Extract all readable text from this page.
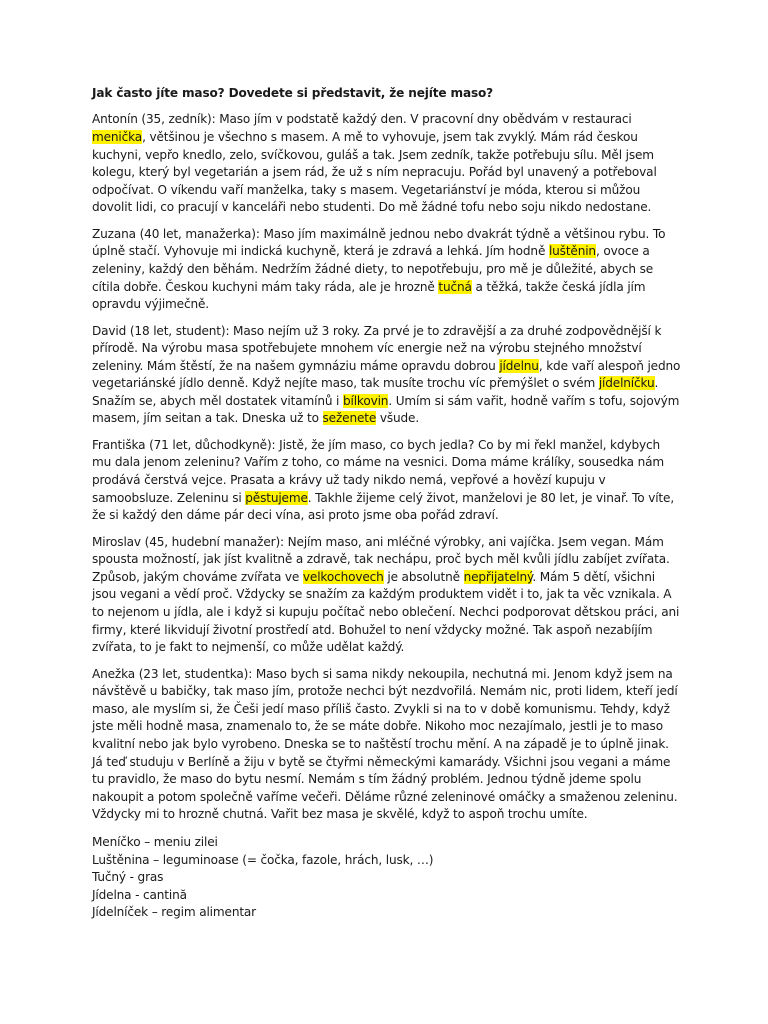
Jak často jíte maso? Dovedete si představit, že nejíte maso?

Antonín (35, zedník): Maso jím v podstatě každý den. V pracovní dny obědvám v restauraci menička, většinou je všechno s masem. A mě to vyhovuje, jsem tak zvyklý. Mám rád českou kuchyni, vepřo knedlo, zelo, svíčkovou, guláš a tak. Jsem zedník, takže potřebuju sílu. Měl jsem kolegu, který byl vegetarián a jsem rád, že už s ním nepracuju. Pořád byl unavený a potřeboval odpočívat. O víkendu vaří manželka, taky s masem. Vegetariánství je móda, kterou si můžou dovolit lidi, co pracují v kanceláři nebo studenti. Do mě žádné tofu nebo soju nikdo nedostane.

Zuzana (40 let, manažerka): Maso jím maximálně jednou nebo dvakrát týdně a většinou rybu. To úplně stačí. Vyhovuje mi indická kuchyně, která je zdravá a lehká. Jím hodně luštěnin, ovoce a zeleniny, každý den běhám. Nedržím žádné diety, to nepotřebuju, pro mě je důležité, abych se cítila dobře. Českou kuchyni mám taky ráda, ale je hrozně tučná a těžká, takže česká jídla jím opravdu výjimečně.

David (18 let, student): Maso nejím už 3 roky. Za prvé je to zdravější a za druhé zodpovědnější k přírodě. Na výrobu masa spotřebujete mnohem víc energie než na výrobu stejného množství zeleniny. Mám štěstí, že na našem gymnáziu máme opravdu dobrou jídelnu, kde vaří alespoň jedno vegetariánské jídlo denně. Když nejíte maso, tak musíte trochu víc přemýšlet o svém jídelníčku. Snažím se, abych měl dostatek vitamínů i bílkovin. Umím si sám vařit, hodně vařím s tofu, sojovým masem, jím seitan a tak. Dneska už to seženete všude.

Františka (71 let, důchodkyně): Jistě, že jím maso, co bych jedla? Co by mi řekl manžel, kdybych mu dala jenom zeleninu? Vařím z toho, co máme na vesnici. Doma máme králíky, sousedka nám prodává čerstvá vejce. Prasata a krávy už tady nikdo nemá, vepřové a hovězí kupuju v samoobsluze. Zeleninu si pěstujeme. Takhle žijeme celý život, manželovi je 80 let, je vinař. To víte, že si každý den dáme pár deci vína, asi proto jsme oba pořád zdraví.

Miroslav (45, hudební manažer): Nejím maso, ani mléčné výrobky, ani vajíčka. Jsem vegan. Mám spousta možností, jak jíst kvalitně a zdravě, tak nechápu, proč bych měl kvůli jídlu zabíjet zvířata. Způsob, jakým chováme zvířata ve velkochovech je absolutně nepřijatelný. Mám 5 dětí, všichni jsou vegani a vědí proč. Vždycky se snažím za každým produktem vidět i to, jak ta věc vznikala. A to nejenom u jídla, ale i když si kupuju počítač nebo oblečení. Nechci podporovat dětskou práci, ani firmy, které likvidují životní prostředí atd. Bohužel to není vždycky možné. Tak aspoň nezabíjím zvířata, to je fakt to nejmenší, co může udělat každý.

Anežka (23 let, studentka): Maso bych si sama nikdy nekoupila, nechutná mi. Jenom když jsem na návštěvě u babičky, tak maso jím, protože nechci být nezdvořilá. Nemám nic, proti lidem, kteří jedí maso, ale myslím si, že Češi jedí maso příliš často. Zvykli si na to v době komunismu. Tehdy, když jste měli hodně masa, znamenalo to, že se máte dobře. Nikoho moc nezajímalo, jestli je to maso kvalitní nebo jak bylo vyrobeno. Dneska se to naštěstí trochu mění. A na západě je to úplně jinak. Já teď studuju v Berlíně a žiju v bytě se čtyřmi německými kamarády. Všichni jsou vegani a máme tu pravidlo, že maso do bytu nesmí. Nemám s tím žádný problém. Jednou týdně jdeme spolu nakoupit a potom společně vaříme večeři. Děláme různé zeleninové omáčky a smaženou zeleninu. Vždycky mi to hrozně chutná. Vařit bez masa je skvělé, když to aspoň trochu umíte.

Meníčko – meniu zilei

Luštěnina – leguminoase (= čočka, fazole, hrách, lusk, …)

Tučný - gras

Jídelna - cantină

Jídelníček – regim alimentar
